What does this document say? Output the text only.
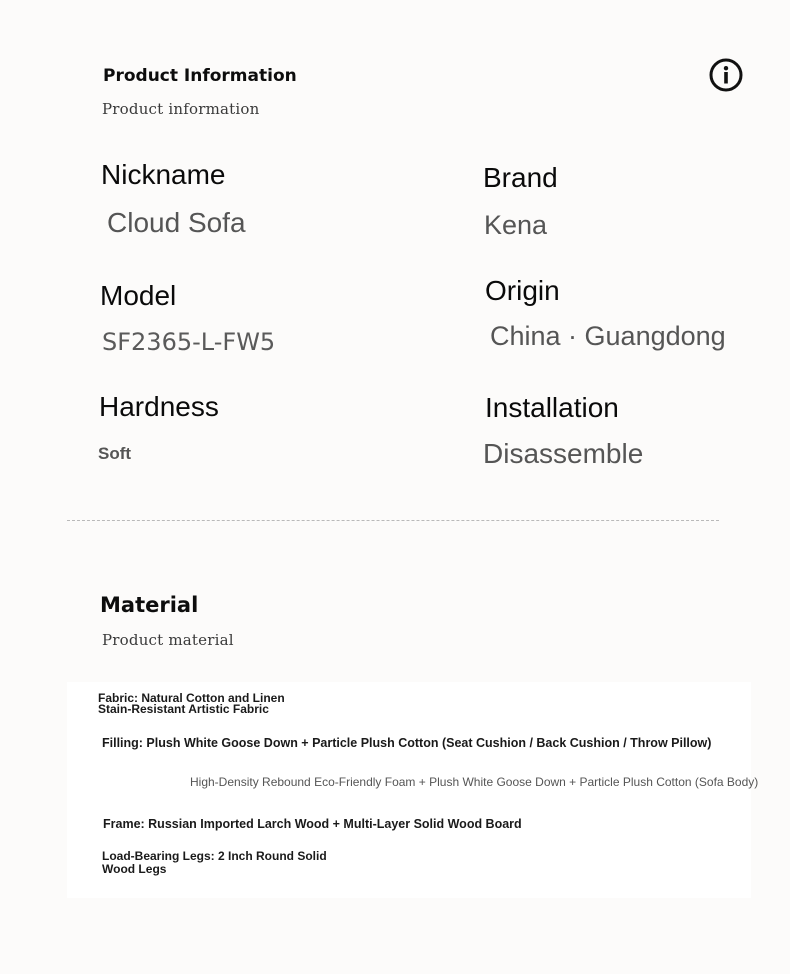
Product Information
Product information
Nickname
Cloud Sofa
Brand
Kena
Model
SF2365-L-FW5
Origin
China · Guangdong
Hardness
Soft
Installation
Disassemble
Material
Product material
Fabric: Natural Cotton and Linen
Stain-Resistant Artistic Fabric
Filling: Plush White Goose Down + Particle Plush Cotton (Seat Cushion / Back Cushion / Throw Pillow)
High-Density Rebound Eco-Friendly Foam + Plush White Goose Down + Particle Plush Cotton (Sofa Body)
Frame: Russian Imported Larch Wood + Multi-Layer Solid Wood Board
Load-Bearing Legs: 2 Inch Round Solid
Wood Legs
